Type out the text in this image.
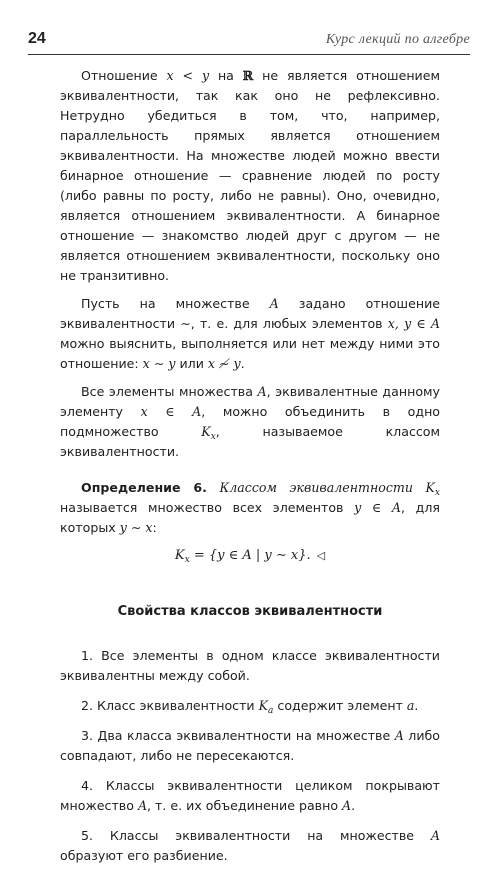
24	Курс лекций по алгебре

Отношение x < y на ℝ не является отношением эквивалентности, так как оно не рефлексивно. Нетрудно убедиться в том, что, например, параллельность прямых является отношением эквивалентности. На множестве людей можно ввести бинарное отношение — сравнение людей по росту (либо равны по росту, либо не равны). Оно, очевидно, является отношением эквивалентности. А бинарное отношение — знакомство людей друг с другом — не является отношением эквивалентности, поскольку оно не транзитивно.

Пусть на множестве A задано отношение эквивалентности ∼, т. е. для любых элементов x, y ∈ A можно выяснить, выполняется или нет между ними это отношение: x ∼ y или x ≁ y.

Все элементы множества A, эквивалентные данному элементу x ∈ A, можно объединить в одно подмножество $K_x$, называемое классом эквивалентности.

Определение 6. Классом эквивалентности $K_x$ называется множество всех элементов y ∈ A, для которых y ∼ x:

$K_x = \{y$ ∈ A | y ∼ x}. ◁
Свойства классов эквивалентности

1. Все элементы в одном классе эквивалентности эквивалентны между собой.

2. Класс эквивалентности $K_a$ содержит элемент a.

3. Два класса эквивалентности на множестве A либо совпадают, либо не пересекаются.

4. Классы эквивалентности целиком покрывают множество A, т. е. их объединение равно A.

5. Классы эквивалентности на множестве A образуют его разбиение.
